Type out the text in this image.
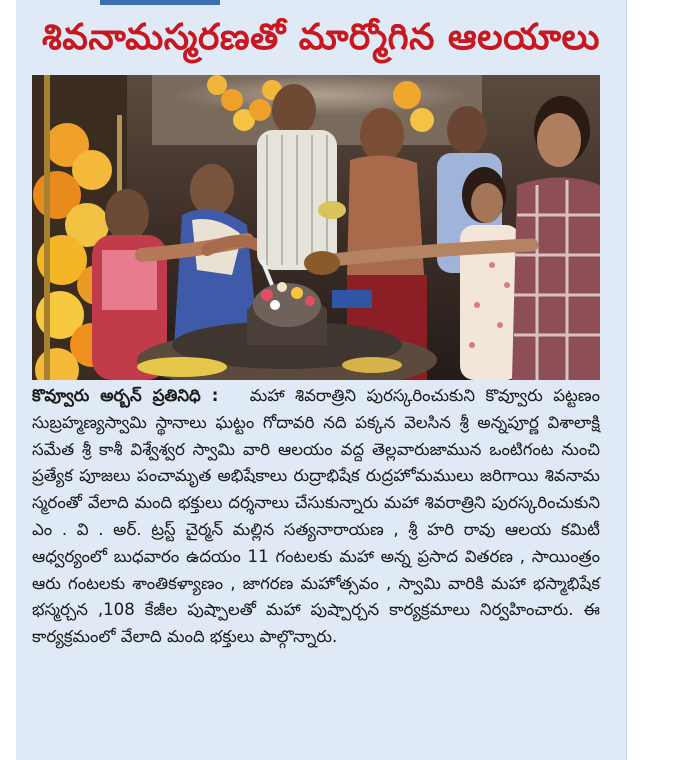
శివనామస్మరణతో మార్మోగిన ఆలయాలు
కొవ్వూరు అర్బన్ ప్రతినిధి : మహా శివరాత్రిని పురస్కరించుకుని కొవ్వూరు పట్టణం సుబ్రహ్మణ్యస్వామి స్థానాలు ఘట్టం గోదావరి నది పక్కన వెలసిన శ్రీ అన్నపూర్ణ విశాలాక్షి సమేత శ్రీ కాశీ విశ్వేశ్వర స్వామి వారి ఆలయం వద్ద తెల్లవారుజామున ఒంటిగంట నుంచి ప్రత్యేక పూజలు పంచామృత అభిషేకాలు రుద్రాభిషేక రుద్రహోమములు జరిగాయి శివనామ స్మరంతో వేలాది మంది భక్తులు దర్శనాలు చేసుకున్నారు మహా శివరాత్రిని పురస్కరించుకుని ఎం . వి . అర్. ట్రస్ట్ చైర్మన్ మల్లిన సత్యనారాయణ , శ్రీ హరి రావు ఆలయ కమిటీ ఆధ్వర్యంలో బుధవారం ఉదయం 11 గంటలకు మహా అన్న ప్రసాద వితరణ , సాయింత్రం ఆరు గంటలకు శాంతికళ్యాణం , జాగరణ మహోత్సవం , స్వామి వారికి మహా భస్మాభిషేక భస్మర్చన ,108 కేజీల పుష్పాలతో మహా పుష్పార్చన కార్యక్రమాలు నిర్వహించారు. ఈ కార్యక్రమంలో వేలాది మంది భక్తులు పాల్గొన్నారు.
